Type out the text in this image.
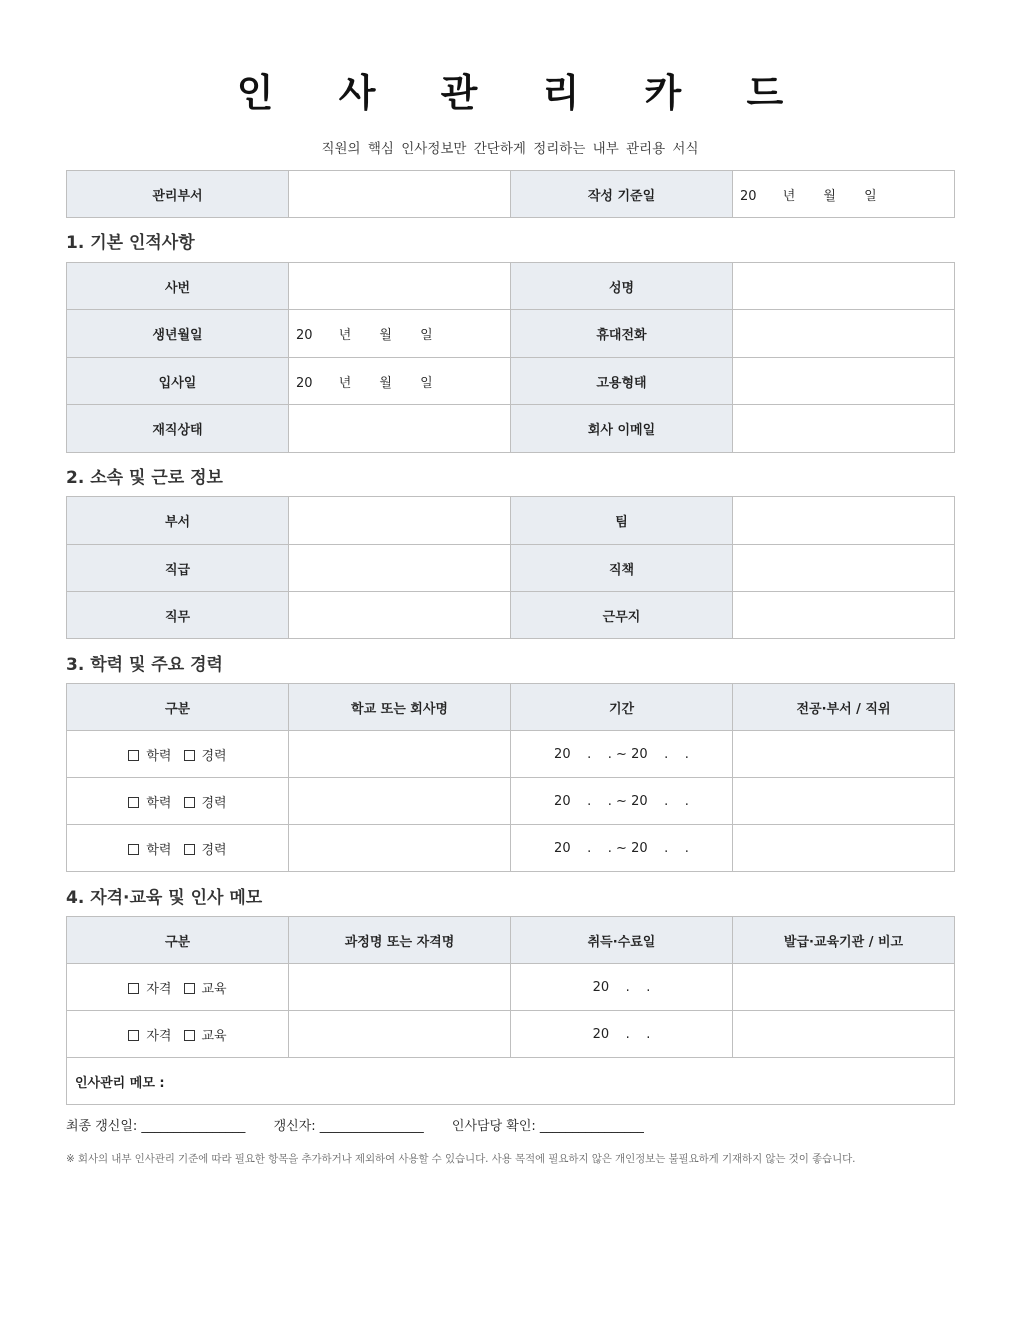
인 사 관 리 카 드
직원의 핵심 인사정보만 간단하게 정리하는 내부 관리용 서식
관리부서		작성 기준일	20 년 월 일
1. 기본 인적사항
사번		성명	
생년월일	20 년 월 일	휴대전화	
입사일	20 년 월 일	고용형태	
재직상태		회사 이메일	
2. 소속 및 근로 정보
부서		팀	
직급		직책	
직무		근무지	
3. 학력 및 주요 경력
구분	학교 또는 회사명	기간	전공·부서 / 직위
학력 경력		20    .    . ~ 20    .    .	
학력 경력		20    .    . ~ 20    .    .	
학력 경력		20    .    . ~ 20    .    .	
4. 자격·교육 및 인사 메모
구분	과정명 또는 자격명	취득·수료일	발급·교육기관 / 비고
자격 교육		20    .    .	
자격 교육		20    .    .	
인사관리 메모 :			
최종 갱신일: ________________ 갱신자: ________________ 인사담당 확인: ________________
※ 회사의 내부 인사관리 기준에 따라 필요한 항목을 추가하거나 제외하여 사용할 수 있습니다. 사용 목적에 필요하지 않은 개인정보는 불필요하게 기재하지 않는 것이 좋습니다.
